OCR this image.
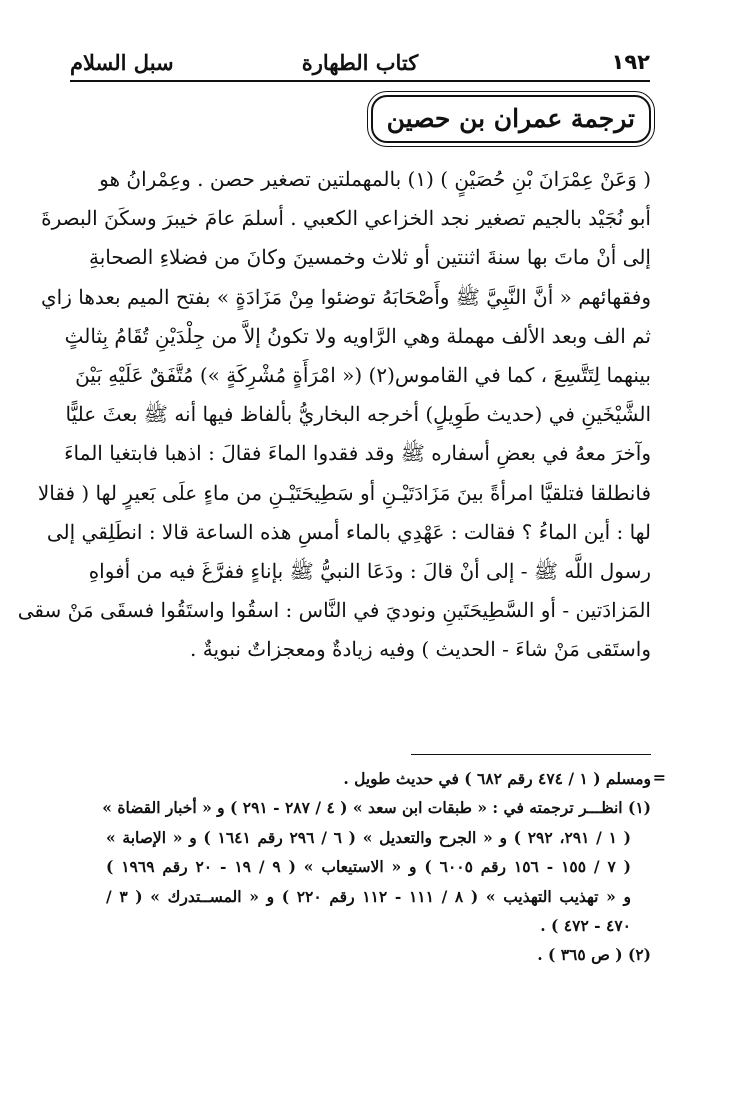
١٩٢
كتاب الطهارة
سبل السلام
ترجمة عمران بن حصين
( وَعَنْ عِمْرَانَ بْنِ حُصَيْنٍ ) (١) بالمهملتين تصغير حصن . وعِمْرانُ هو
أبو نُجَيْد بالجيم تصغير نجد الخزاعي الكعبي . أسلمَ عامَ خيبرَ وسكَنَ البصرةَ
إلى أنْ ماتَ بها سنةَ اثنتين أو ثلاث وخمسينَ وكانَ من فضلاءِ الصحابةِ
وفقهائهم « أنَّ النَّبِيَّ ﷺ وأَصْحَابَهُ توضئوا مِنْ مَزَادَةٍ » بفتح الميم بعدها زاي
ثم الف وبعد الألف مهملة وهي الرَّاويه ولا تكونُ إلاَّ من جِلْدَيْنِ تُقَامُ بِثالثٍ
بينهما لِتَتَّسِعَ ، كما في القاموس(٢) (« امْرَأَةٍ مُشْرِكَةٍ ») مُتَّفَقٌ عَلَيْهِ بَيْنَ
الشَّيْخَينِ في (حديث طَوِيلٍ) أخرجه البخاريُّ بألفاظ فيها أنه ﷺ بعثَ عليًّا
وآخرَ معهُ في بعضِ أسفاره ﷺ وقد فقدوا الماءَ فقالَ : اذهبا فابتغيا الماءَ
فانطلقا فتلقيَّا امرأةً بينَ مَزَادَتَيْـنِ أو سَطِيحَتَيْـنِ من ماءٍ علَى بَعيرٍ لها ( فقالا
لها : أين الماءُ ؟ فقالت : عَهْدِي بالماء أمسِ هذه الساعة قالا : انطَلِقي إلى
رسول اللَّه ﷺ - إلى أنْ قالَ : ودَعَا النبيُّ ﷺ بإناءٍ ففرَّغَ فيه من أفواهِ
المَزادَتين - أو السَّطِيحَتَينِ ونوديَ في النَّاس : اسقُوا واستَقُوا فسقَى مَنْ سقى
واستَقى مَنْ شاءَ - الحديث ) وفيه زيادةٌ ومعجزاتٌ نبويةٌ .
=
ومسلم ( ١ / ٤٧٤ رقم ٦٨٢ ) في حديث طويل .
(١) انظـــر ترجمته في : « طبقات ابن سعد » ( ٤ / ٢٨٧ - ٢٩١ ) و « أخبار القضاة »
( ١ / ٢٩١، ٢٩٢ ) و « الجرح والتعديل » ( ٦ / ٢٩٦ رقم ١٦٤١ ) و « الإصابة »
( ٧ / ١٥٥ - ١٥٦ رقم ٦٠٠٥ ) و « الاستيعاب » ( ٩ / ١٩ - ٢٠ رقم ١٩٦٩ )
و « تهذيب التهذيب » ( ٨ / ١١١ - ١١٢ رقم ٢٢٠ ) و « المســتدرك » ( ٣ /
٤٧٠ - ٤٧٢ ) .
(٢) ( ص ٣٦٥ ) .
